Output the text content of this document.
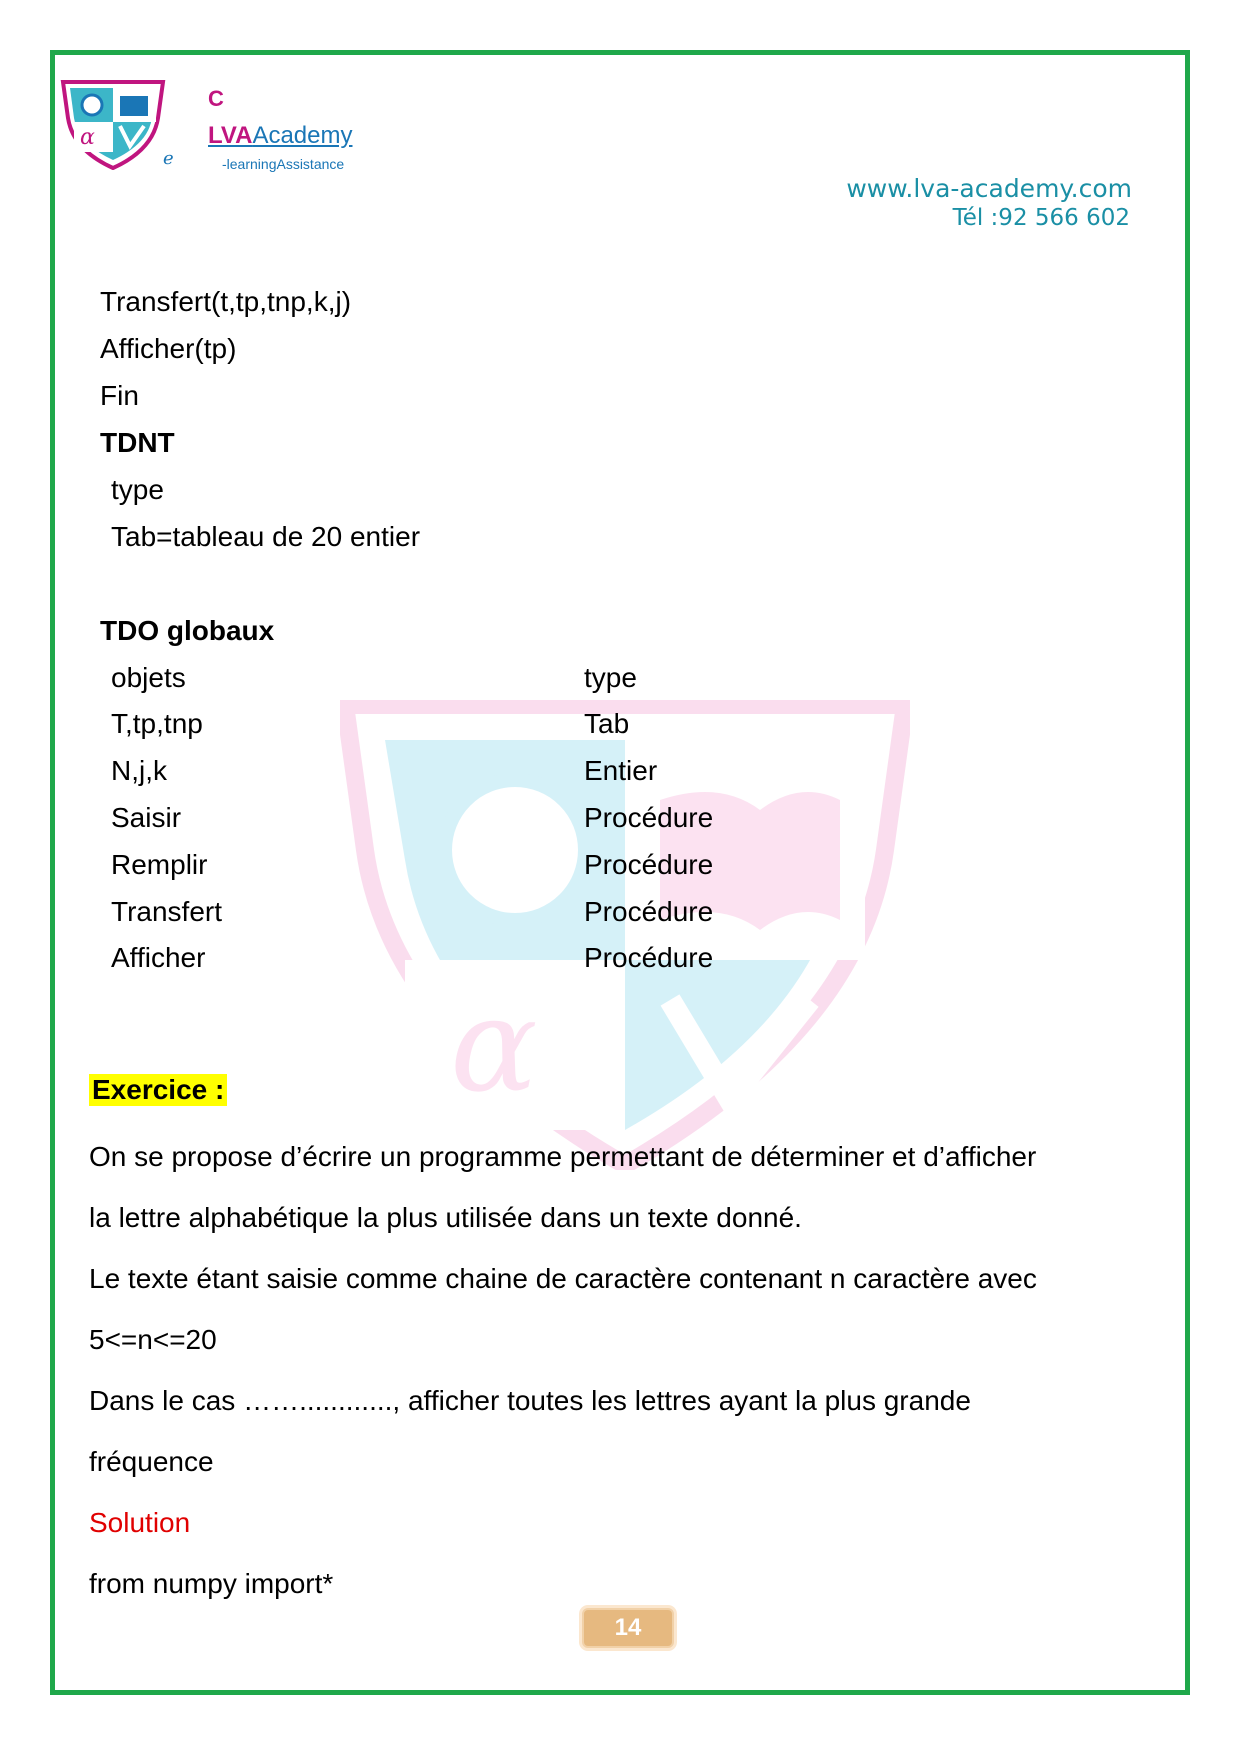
α
C
LVAAcademy
e	-learningAssistance
www.lva-academy.com
Tél :92 566 602
α
Transfert(t,tp,tnp,k,j)
Afficher(tp)
Fin
TDNT
type
Tab=tableau de 20 entier
TDO globaux
objets	type
T,tp,tnp	Tab
N,j,k	Entier
Saisir	Procédure
Remplir	Procédure
Transfert	Procédure
Afficher	Procédure
Exercice :
On se propose d’écrire un programme permettant de déterminer et d’afficher
la lettre alphabétique la plus utilisée dans un texte donné.
Le texte étant saisie comme chaine de caractère contenant n caractère avec
5<=n<=20
Dans le cas ……............, afficher toutes les lettres ayant la plus grande
fréquence
Solution
from numpy import*
14
